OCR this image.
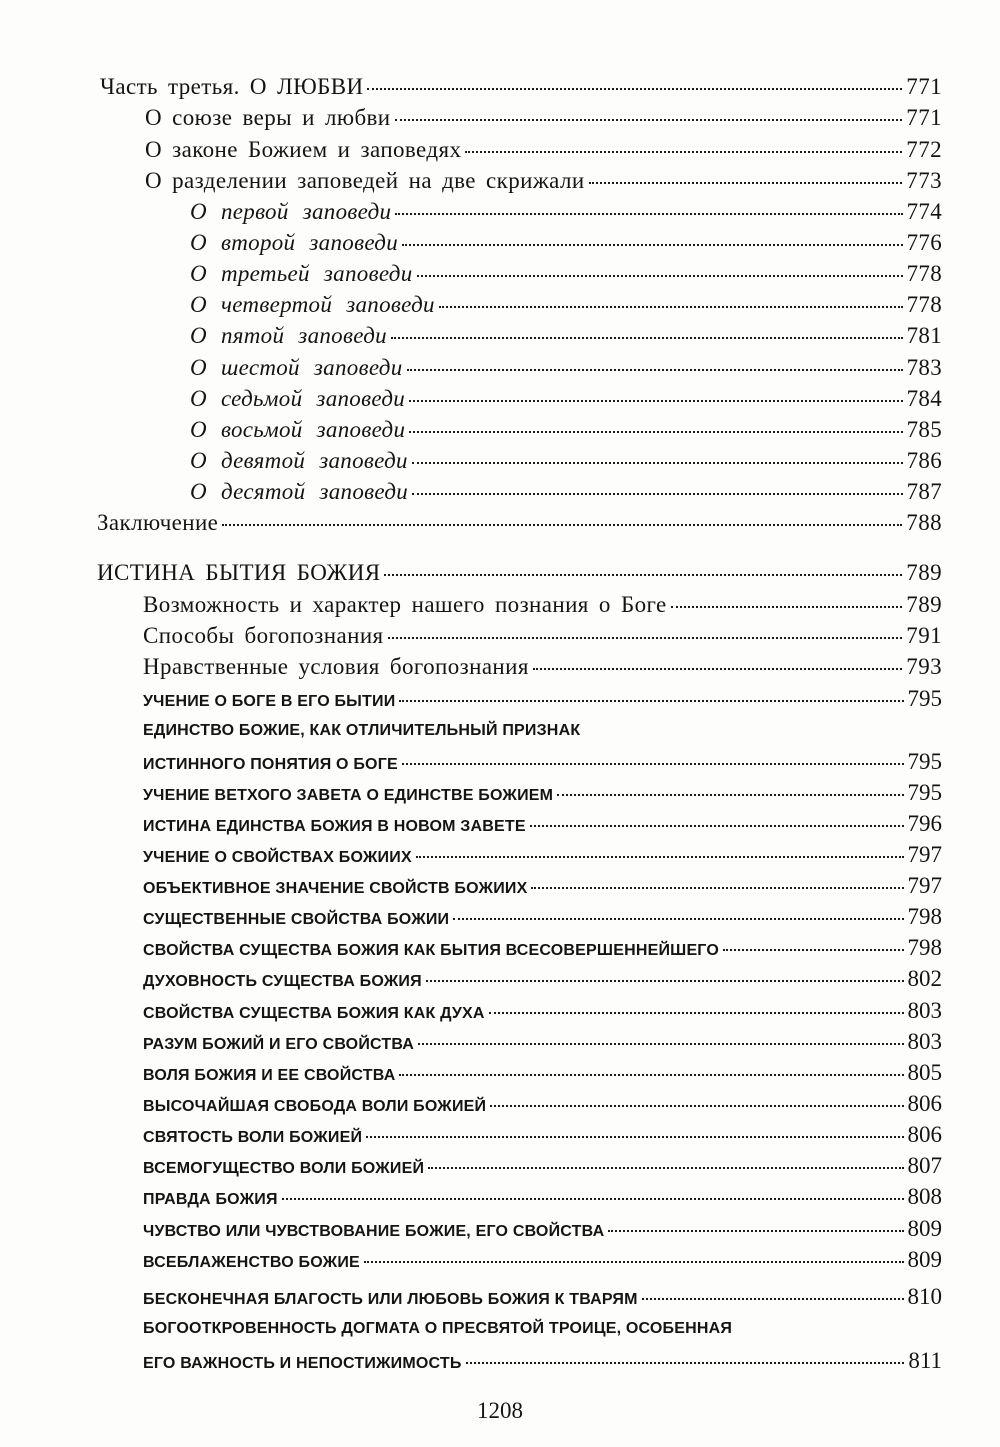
Часть третья. О ЛЮБВИ	771
О союзе веры и любви	771
О законе Божием и заповедях	772
О разделении заповедей на две скрижали	773
О первой заповеди	774
О второй заповеди	776
О третьей заповеди	778
О четвертой заповеди	778
О пятой заповеди	781
О шестой заповеди	783
О седьмой заповеди	784
О восьмой заповеди	785
О девятой заповеди	786
О десятой заповеди	787
Заключение	788
ИСТИНА БЫТИЯ БОЖИЯ	789
Возможность и характер нашего познания о Боге	789
Способы богопознания	791
Нравственные условия богопознания	793
УЧЕНИЕ О БОГЕ В ЕГО БЫТИИ	795
ЕДИНСТВО БОЖИЕ, КАК ОТЛИЧИТЕЛЬНЫЙ ПРИЗНАК
ИСТИННОГО ПОНЯТИЯ О БОГЕ	795
УЧЕНИЕ ВЕТХОГО ЗАВЕТА О ЕДИНСТВЕ БОЖИЕМ	795
ИСТИНА ЕДИНСТВА БОЖИЯ В НОВОМ ЗАВЕТЕ	796
УЧЕНИЕ О СВОЙСТВАХ БОЖИИХ	797
ОБЪЕКТИВНОЕ ЗНАЧЕНИЕ СВОЙСТВ БОЖИИХ	797
СУЩЕСТВЕННЫЕ СВОЙСТВА БОЖИИ	798
СВОЙСТВА СУЩЕСТВА БОЖИЯ КАК БЫТИЯ ВСЕСОВЕРШЕННЕЙШЕГО	798
ДУХОВНОСТЬ СУЩЕСТВА БОЖИЯ	802
СВОЙСТВА СУЩЕСТВА БОЖИЯ КАК ДУХА	803
РАЗУМ БОЖИЙ И ЕГО СВОЙСТВА	803
ВОЛЯ БОЖИЯ И ЕЕ СВОЙСТВА	805
ВЫСОЧАЙШАЯ СВОБОДА ВОЛИ БОЖИЕЙ	806
СВЯТОСТЬ ВОЛИ БОЖИЕЙ	806
ВСЕМОГУЩЕСТВО ВОЛИ БОЖИЕЙ	807
ПРАВДА БОЖИЯ	808
ЧУВСТВО ИЛИ ЧУВСТВОВАНИЕ БОЖИЕ, ЕГО СВОЙСТВА	809
ВСЕБЛАЖЕНСТВО БОЖИЕ	809
БЕСКОНЕЧНАЯ БЛАГОСТЬ ИЛИ ЛЮБОВЬ БОЖИЯ К ТВАРЯМ	810
БОГООТКРОВЕННОСТЬ ДОГМАТА О ПРЕСВЯТОЙ ТРОИЦЕ, ОСОБЕННАЯ
ЕГО ВАЖНОСТЬ И НЕПОСТИЖИМОСТЬ	811
1208
